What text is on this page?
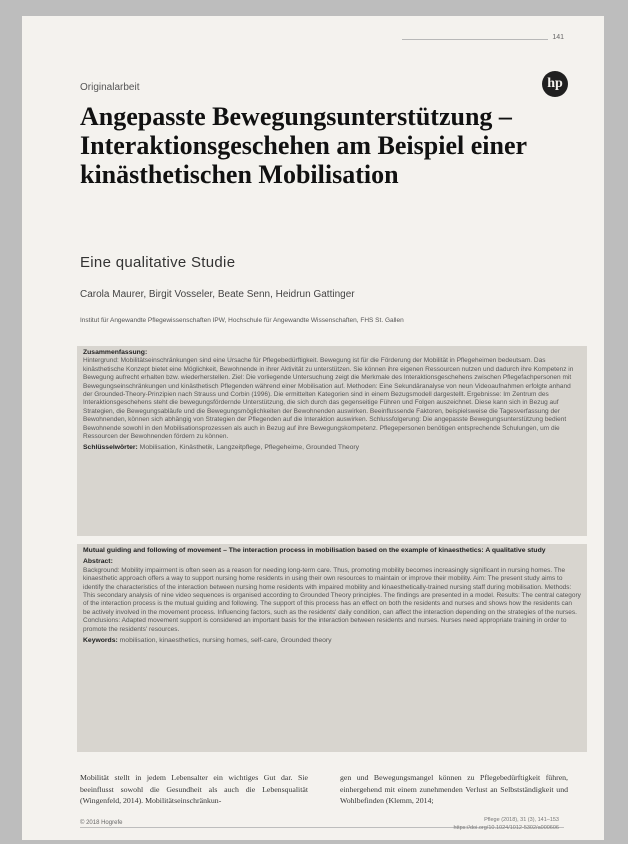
141
hp
Originalarbeit
Angepasste Bewegungsunterstützung – Interaktionsgeschehen am Beispiel einer kinästhetischen Mobilisation
Eine qualitative Studie
Carola Maurer, Birgit Vosseler, Beate Senn, Heidrun Gattinger
Institut für Angewandte Pflegewissenschaften IPW, Hochschule für Angewandte Wissenschaften, FHS St. Gallen
Zusammenfassung:

Hintergrund: Mobilitätseinschränkungen sind eine Ursache für Pflegebedürftigkeit. Bewegung ist für die Förderung der Mobilität in Pflegeheimen bedeutsam. Das kinästhetische Konzept bietet eine Möglichkeit, Bewohnende in ihrer Aktivität zu unterstützen. Sie können ihre eigenen Ressourcen nutzen und dadurch ihre Kompetenz in Bewegung aufrecht erhalten bzw. wiederherstellen. Ziel: Die vorliegende Untersuchung zeigt die Merkmale des Interaktionsgeschehens zwischen Pflegefachpersonen mit Bewegungseinschränkungen und kinästhetisch Pflegenden während einer Mobilisation auf. Methoden: Eine Sekundäranalyse von neun Videoaufnahmen erfolgte anhand der Grounded-Theory-Prinzipien nach Strauss und Corbin (1996). Die ermittelten Kategorien sind in einem Bezugsmodell dargestellt. Ergebnisse: Im Zentrum des Interaktionsgeschehens steht die bewegungsfördernde Unterstützung, die sich durch das gegenseitige Führen und Folgen auszeichnet. Diese kann sich in Bezug auf Strategien, die Bewegungsabläufe und die Bewegungsmöglichkeiten der Bewohnenden auswirken. Beeinflussende Faktoren, beispielsweise die Tagesverfassung der Bewohnenden, können sich abhängig von Strategien der Pflegenden auf die Interaktion auswirken. Schlussfolgerung: Die angepasste Bewegungsunterstützung bedient Bewohnende sowohl in den Mobilisationsprozessen als auch in Bezug auf ihre Bewegungskompetenz. Pflegepersonen benötigen entsprechende Schulungen, um die Ressourcen der Bewohnenden fördern zu können.

Schlüsselwörter: Mobilisation, Kinästhetik, Langzeitpflege, Pflegeheime, Grounded Theory
Mutual guiding and following of movement – The interaction process in mobilisation based on the example of kinaesthetics: A qualitative study
Abstract:

Background: Mobility impairment is often seen as a reason for needing long-term care. Thus, promoting mobility becomes increasingly significant in nursing homes. The kinaesthetic approach offers a way to support nursing home residents in using their own resources to maintain or improve their mobility. Aim: The present study aims to identify the characteristics of the interaction between nursing home residents with impaired mobility and kinaesthetically-trained nursing staff during mobilisation. Methods: This secondary analysis of nine video sequences is organised according to Grounded Theory principles. The findings are presented in a model. Results: The central category of the interaction process is the mutual guiding and following. The support of this process has an effect on both the residents and nurses and shows how the residents can be actively involved in the movement process. Influencing factors, such as the residents' daily condition, can affect the interaction depending on the strategies of the nurses. Conclusions: Adapted movement support is considered an important basis for the interaction between residents and nurses. Nurses need appropriate training in order to promote the residents' resources.

Keywords: mobilisation, kinaesthetics, nursing homes, self-care, Grounded theory

Mobilität stellt in jedem Lebensalter ein wichtiges Gut dar. Sie beeinflusst sowohl die Gesundheit als auch die Lebensqualität (Wingenfeld, 2014). Mobilitätseinschränkun-

gen und Bewegungsmangel können zu Pflegebedürftigkeit führen, einhergehend mit einem zunehmenden Verlust an Selbstständigkeit und Wohlbefinden (Klemm, 2014;

© 2018 Hogrefe	Pflege (2018), 31 (3), 141–153
https://doi.org/10.1024/1012-5302/a000606
